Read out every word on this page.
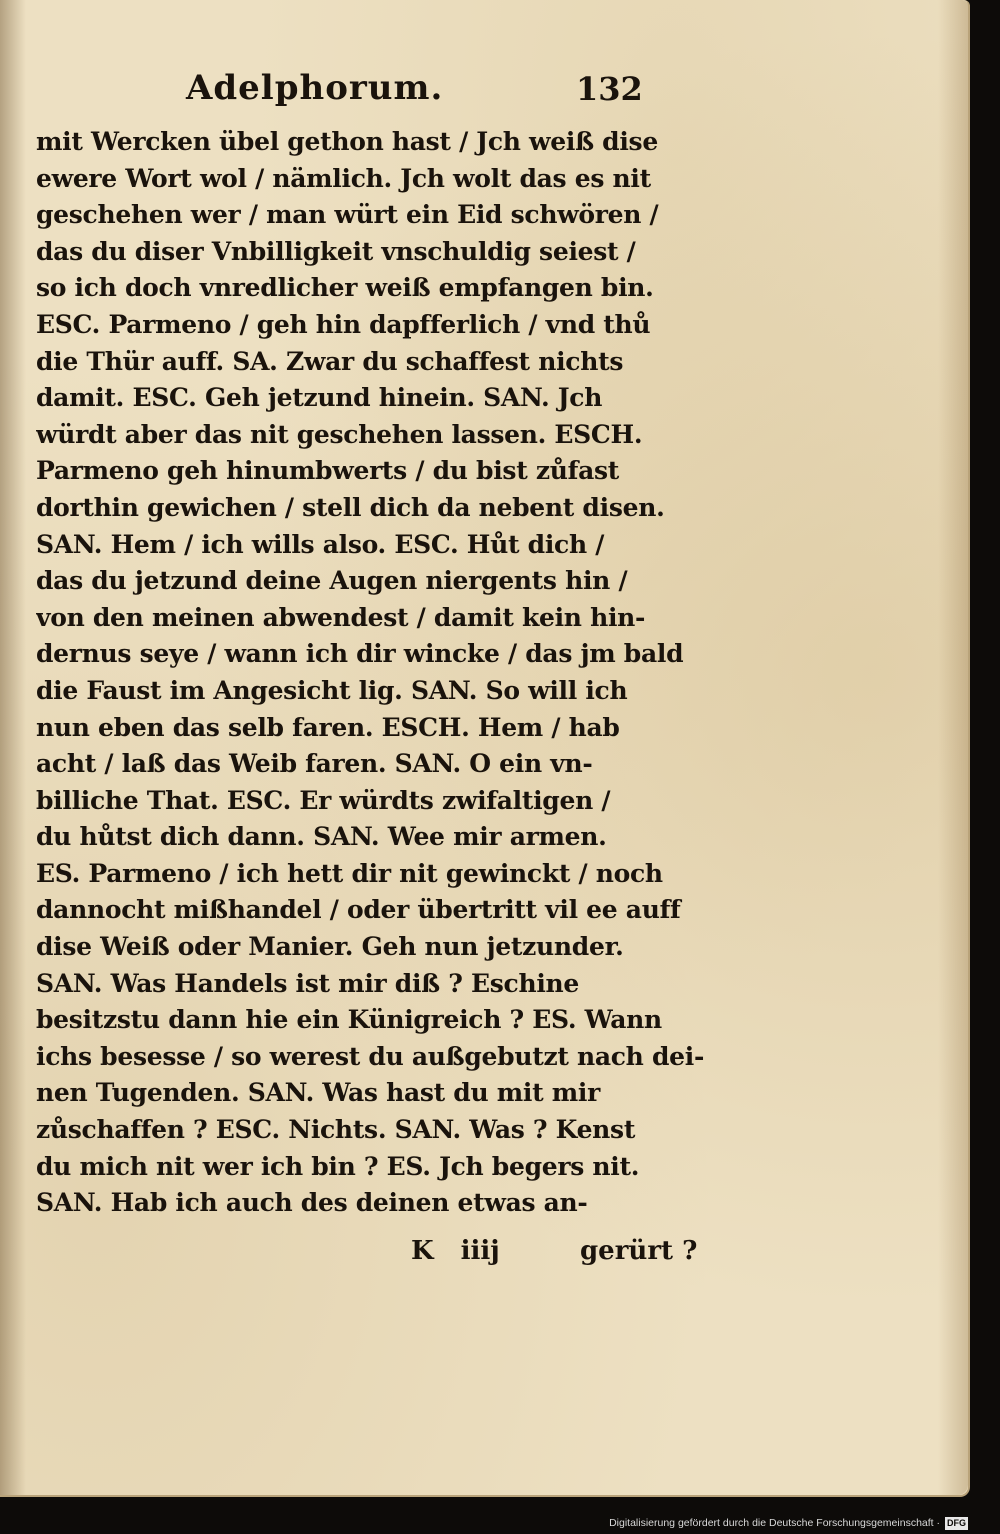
Adelphorum.	132
mit Wercken übel gethon hast / Jch weiß dise
ewere Wort wol / nämlich. Jch wolt das es nit
geschehen wer / man würt ein Eid schwören /
das du diser Vnbilligkeit vnschuldig seiest /
so ich doch vnredlicher weiß empfangen bin.
ESC. Parmeno / geh hin dapfferlich / vnd thů
die Thür auff. SA. Zwar du schaffest nichts
damit. ESC. Geh jetzund hinein. SAN. Jch
würdt aber das nit geschehen lassen. ESCH.
Parmeno geh hinumbwerts / du bist zůfast
dorthin gewichen / stell dich da nebent disen.
SAN. Hem / ich wills also. ESC. Hůt dich /
das du jetzund deine Augen niergents hin /
von den meinen abwendest / damit kein hin-
dernus seye / wann ich dir wincke / das jm bald
die Faust im Angesicht lig. SAN. So will ich
nun eben das selb faren. ESCH. Hem / hab
acht / laß das Weib faren. SAN. O ein vn-
billiche That. ESC. Er würdts zwifaltigen /
du hůtst dich dann. SAN. Wee mir armen.
ES. Parmeno / ich hett dir nit gewinckt / noch
dannocht mißhandel / oder übertritt vil ee auff
dise Weiß oder Manier. Geh nun jetzunder.
SAN. Was Handels ist mir diß ? Eschine
besitzstu dann hie ein Künigreich ? ES. Wann
ichs besesse / so werest du außgebutzt nach dei-
nen Tugenden. SAN. Was hast du mit mir
zůschaffen ? ESC. Nichts. SAN. Was ? Kenst
du mich nit wer ich bin ? ES. Jch begers nit.
SAN. Hab ich auch des deinen etwas an-
K iiij	gerürt ?
Digitalisierung gefördert durch die Deutsche Forschungsgemeinschaft · DFG
